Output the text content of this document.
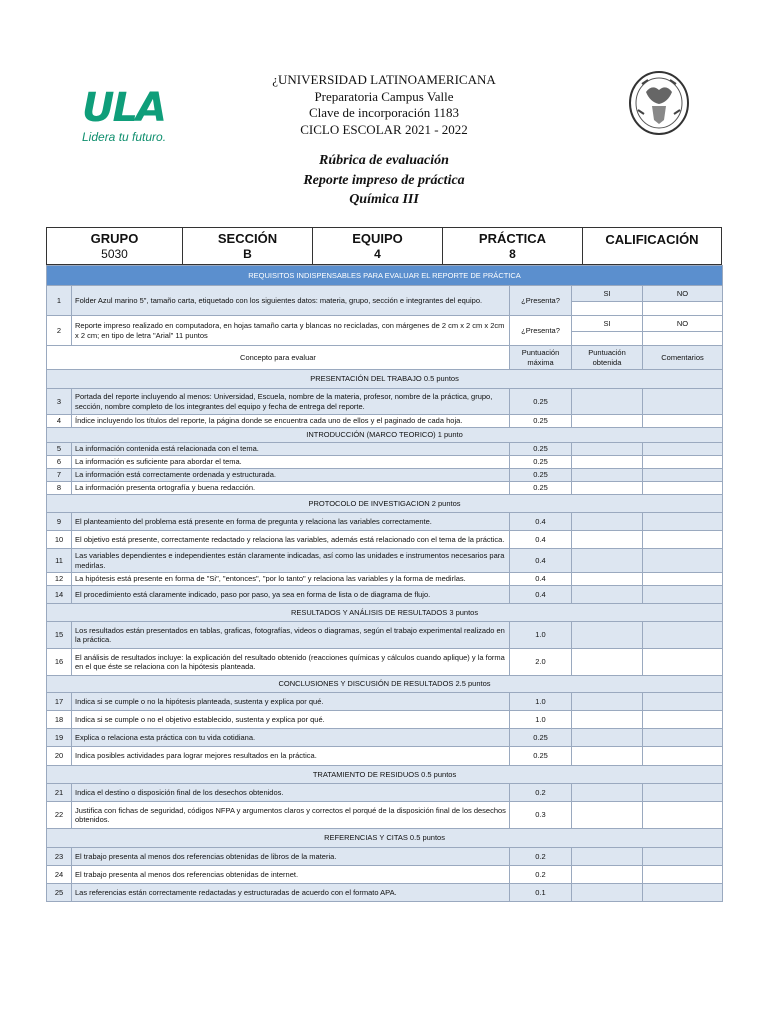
ULA
Lidera tu futuro.
¿UNIVERSIDAD LATINOAMERICANA
Preparatoria Campus Valle
Clave de incorporación 1183
CICLO ESCOLAR 2021 - 2022
Rúbrica de evaluación
Reporte impreso de práctica
Química III
GRUPO
5030
SECCIÓN
B
EQUIPO
4
PRÁCTICA
8
CALIFICACIÓN
REQUISITOS INDISPENSABLES PARA EVALUAR EL REPORTE DE PRÁCTICA				
1	Folder Azul marino 5", tamaño carta, etiquetado con los siguientes datos: materia, grupo, sección e integrantes del equipo.	¿Presenta?	SI	NO

2	Reporte impreso realizado en computadora, en hojas tamaño carta y blancas no recicladas, con márgenes de 2 cm x 2 cm x 2cm x 2 cm; en tipo de letra "Arial" 11 puntos	¿Presenta?	SI	NO

Concepto para evaluar		Puntuación máxima	Puntuación obtenida	Comentarios
PRESENTACIÓN DEL TRABAJO 0.5 puntos				
3	Portada del reporte incluyendo al menos: Universidad, Escuela, nombre de la materia, profesor, nombre de la práctica, grupo, sección, nombre completo de los integrantes del equipo y fecha de entrega del reporte.	0.25		
4	Índice incluyendo los títulos del reporte, la página donde se encuentra cada uno de ellos y el paginado de cada hoja.	0.25		
INTRODUCCIÓN (MARCO TEORICO) 1 punto				
5	La información contenida está relacionada con el tema.	0.25		
6	La información es suficiente para abordar el tema.	0.25		
7	La información está correctamente ordenada y estructurada.	0.25		
8	La información presenta ortografía y buena redacción.	0.25		
PROTOCOLO DE INVESTIGACION 2 puntos				
9	El planteamiento del problema está presente en forma de pregunta y relaciona las variables correctamente.	0.4		
10	El objetivo está presente, correctamente redactado y relaciona las variables, además está relacionado con el tema de la práctica.	0.4		
11	Las variables dependientes e independientes están claramente indicadas, así como las unidades e instrumentos necesarios para medirlas.	0.4		
12	La hipótesis está presente en forma de "Si", "entonces", "por lo tanto" y relaciona las variables y la forma de medirlas.	0.4		
14	El procedimiento está claramente indicado, paso por paso, ya sea en forma de lista o de diagrama de flujo.	0.4		
RESULTADOS Y ANÁLISIS DE RESULTADOS 3 puntos				
15	Los resultados están presentados en tablas, graficas, fotografías, videos o diagramas, según el trabajo experimental realizado en la práctica.	1.0		
16	El análisis de resultados incluye: la explicación del resultado obtenido (reacciones químicas y cálculos cuando aplique) y la forma en el que éste se relaciona con la hipótesis planteada.	2.0		
CONCLUSIONES Y DISCUSIÓN DE RESULTADOS 2.5 puntos				
17	Indica si se cumple o no la hipótesis planteada, sustenta y explica por qué.	1.0		
18	Indica si se cumple o no el objetivo establecido, sustenta y explica por qué.	1.0		
19	Explica o relaciona esta práctica con tu vida cotidiana.	0.25		
20	Indica posibles actividades para lograr mejores resultados en la práctica.	0.25		
TRATAMIENTO DE RESIDUOS 0.5 puntos				
21	Indica el destino o disposición final de los desechos obtenidos.	0.2		
22	Justifica con fichas de seguridad, códigos NFPA y argumentos claros y correctos el porqué de la disposición final de los desechos obtenidos.	0.3		
REFERENCIAS Y CITAS 0.5 puntos				
23	El trabajo presenta al menos dos referencias obtenidas de libros de la materia.	0.2		
24	El trabajo presenta al menos dos referencias obtenidas de internet.	0.2		
25	Las referencias están correctamente redactadas y estructuradas de acuerdo con el formato APA.	0.1		
